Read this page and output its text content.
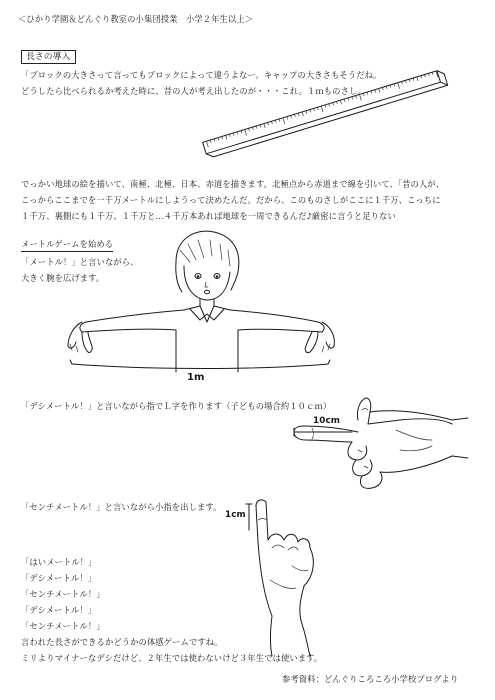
＜ひかり学園＆どんぐり教室の小集団授業　小学２年生以上＞
長さの導入
「ブロックの大きさって言ってもブロックによって違うよなー。キャップの大きさもそうだね。
どうしたら比べられるか考えた時に、昔の人が考え出したのが・・・これ。１ｍものさし。
でっかい地球の絵を描いて、南極、北極、日本、赤道を描きます。北極点から赤道まで線を引いて、「昔の人が、
こっからここまでを一千万メートルにしようって決めたんだ。だから、このものさしがここに１千万、こっちに
１千万、裏側にも１千万、１千万と…４千万本あれば地球を一周できるんだ♪厳密に言うと足りない
メートルゲームを始める
「メートル！」と言いながら、
大きく腕を広げます。
1m
「デシメートル！」と言いながら指でＬ字を作ります（子どもの場合約１０ｃｍ）
10cm
「センチメートル！」と言いながら小指を出します。
1cm
「はいメートル！」
「デシメートル！」
「センチメートル！」
「デシメートル！」
「センチメートル！」
言われた長さができるかどうかの体感ゲームですね。
ミリよりマイナーなデシだけど、２年生では使わないけど３年生では使います。
参考資料：どんぐりころころ小学校ブログより
